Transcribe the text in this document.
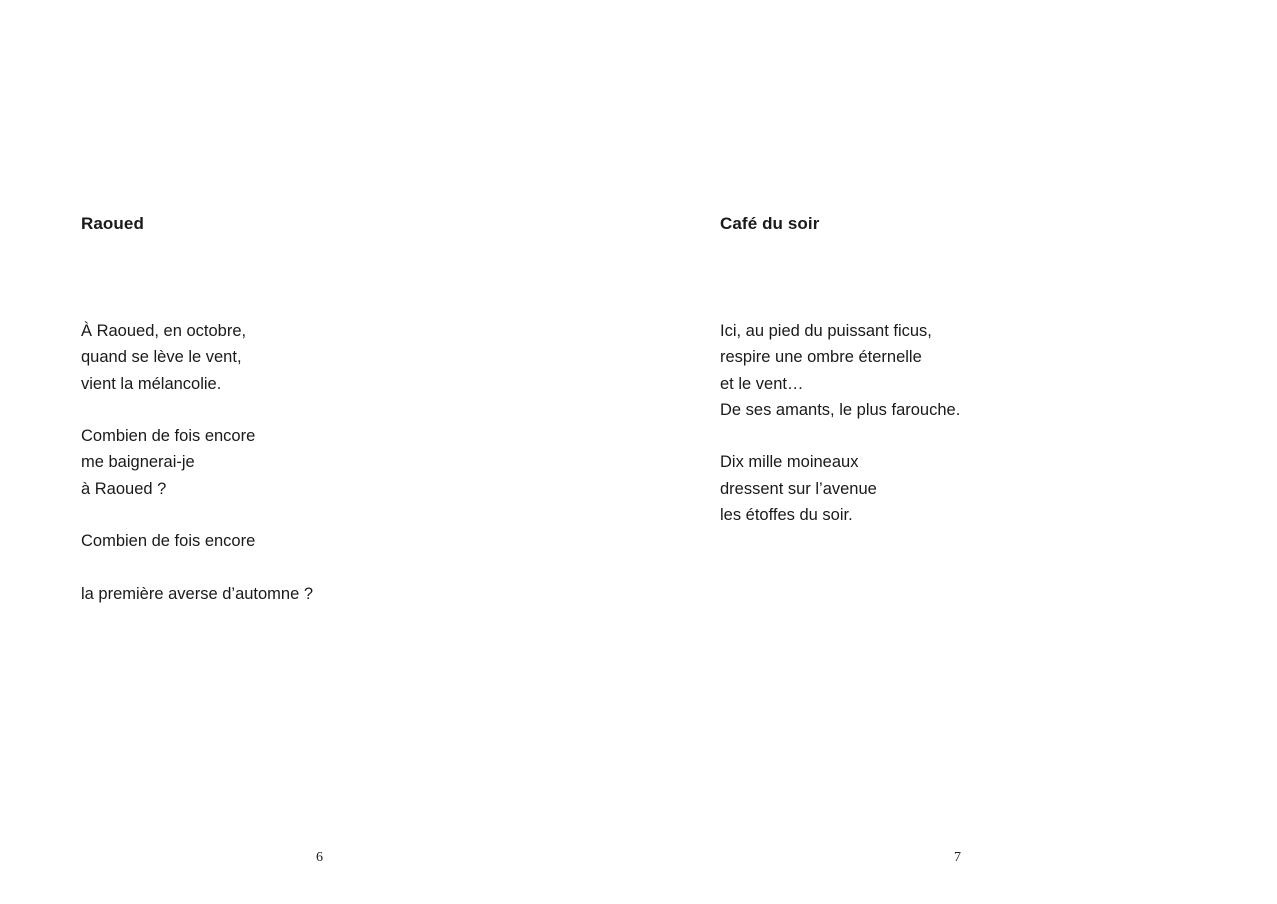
Raoued
À Raoued, en octobre,
quand se lève le vent,
vient la mélancolie.
Combien de fois encore
me baignerai-je
à Raoued ?
Combien de fois encore
la première averse d’automne ?
6
Café du soir
Ici, au pied du puissant ficus,
respire une ombre éternelle
et le vent…
De ses amants, le plus farouche.
Dix mille moineaux
dressent sur l’avenue
les étoffes du soir.
7
